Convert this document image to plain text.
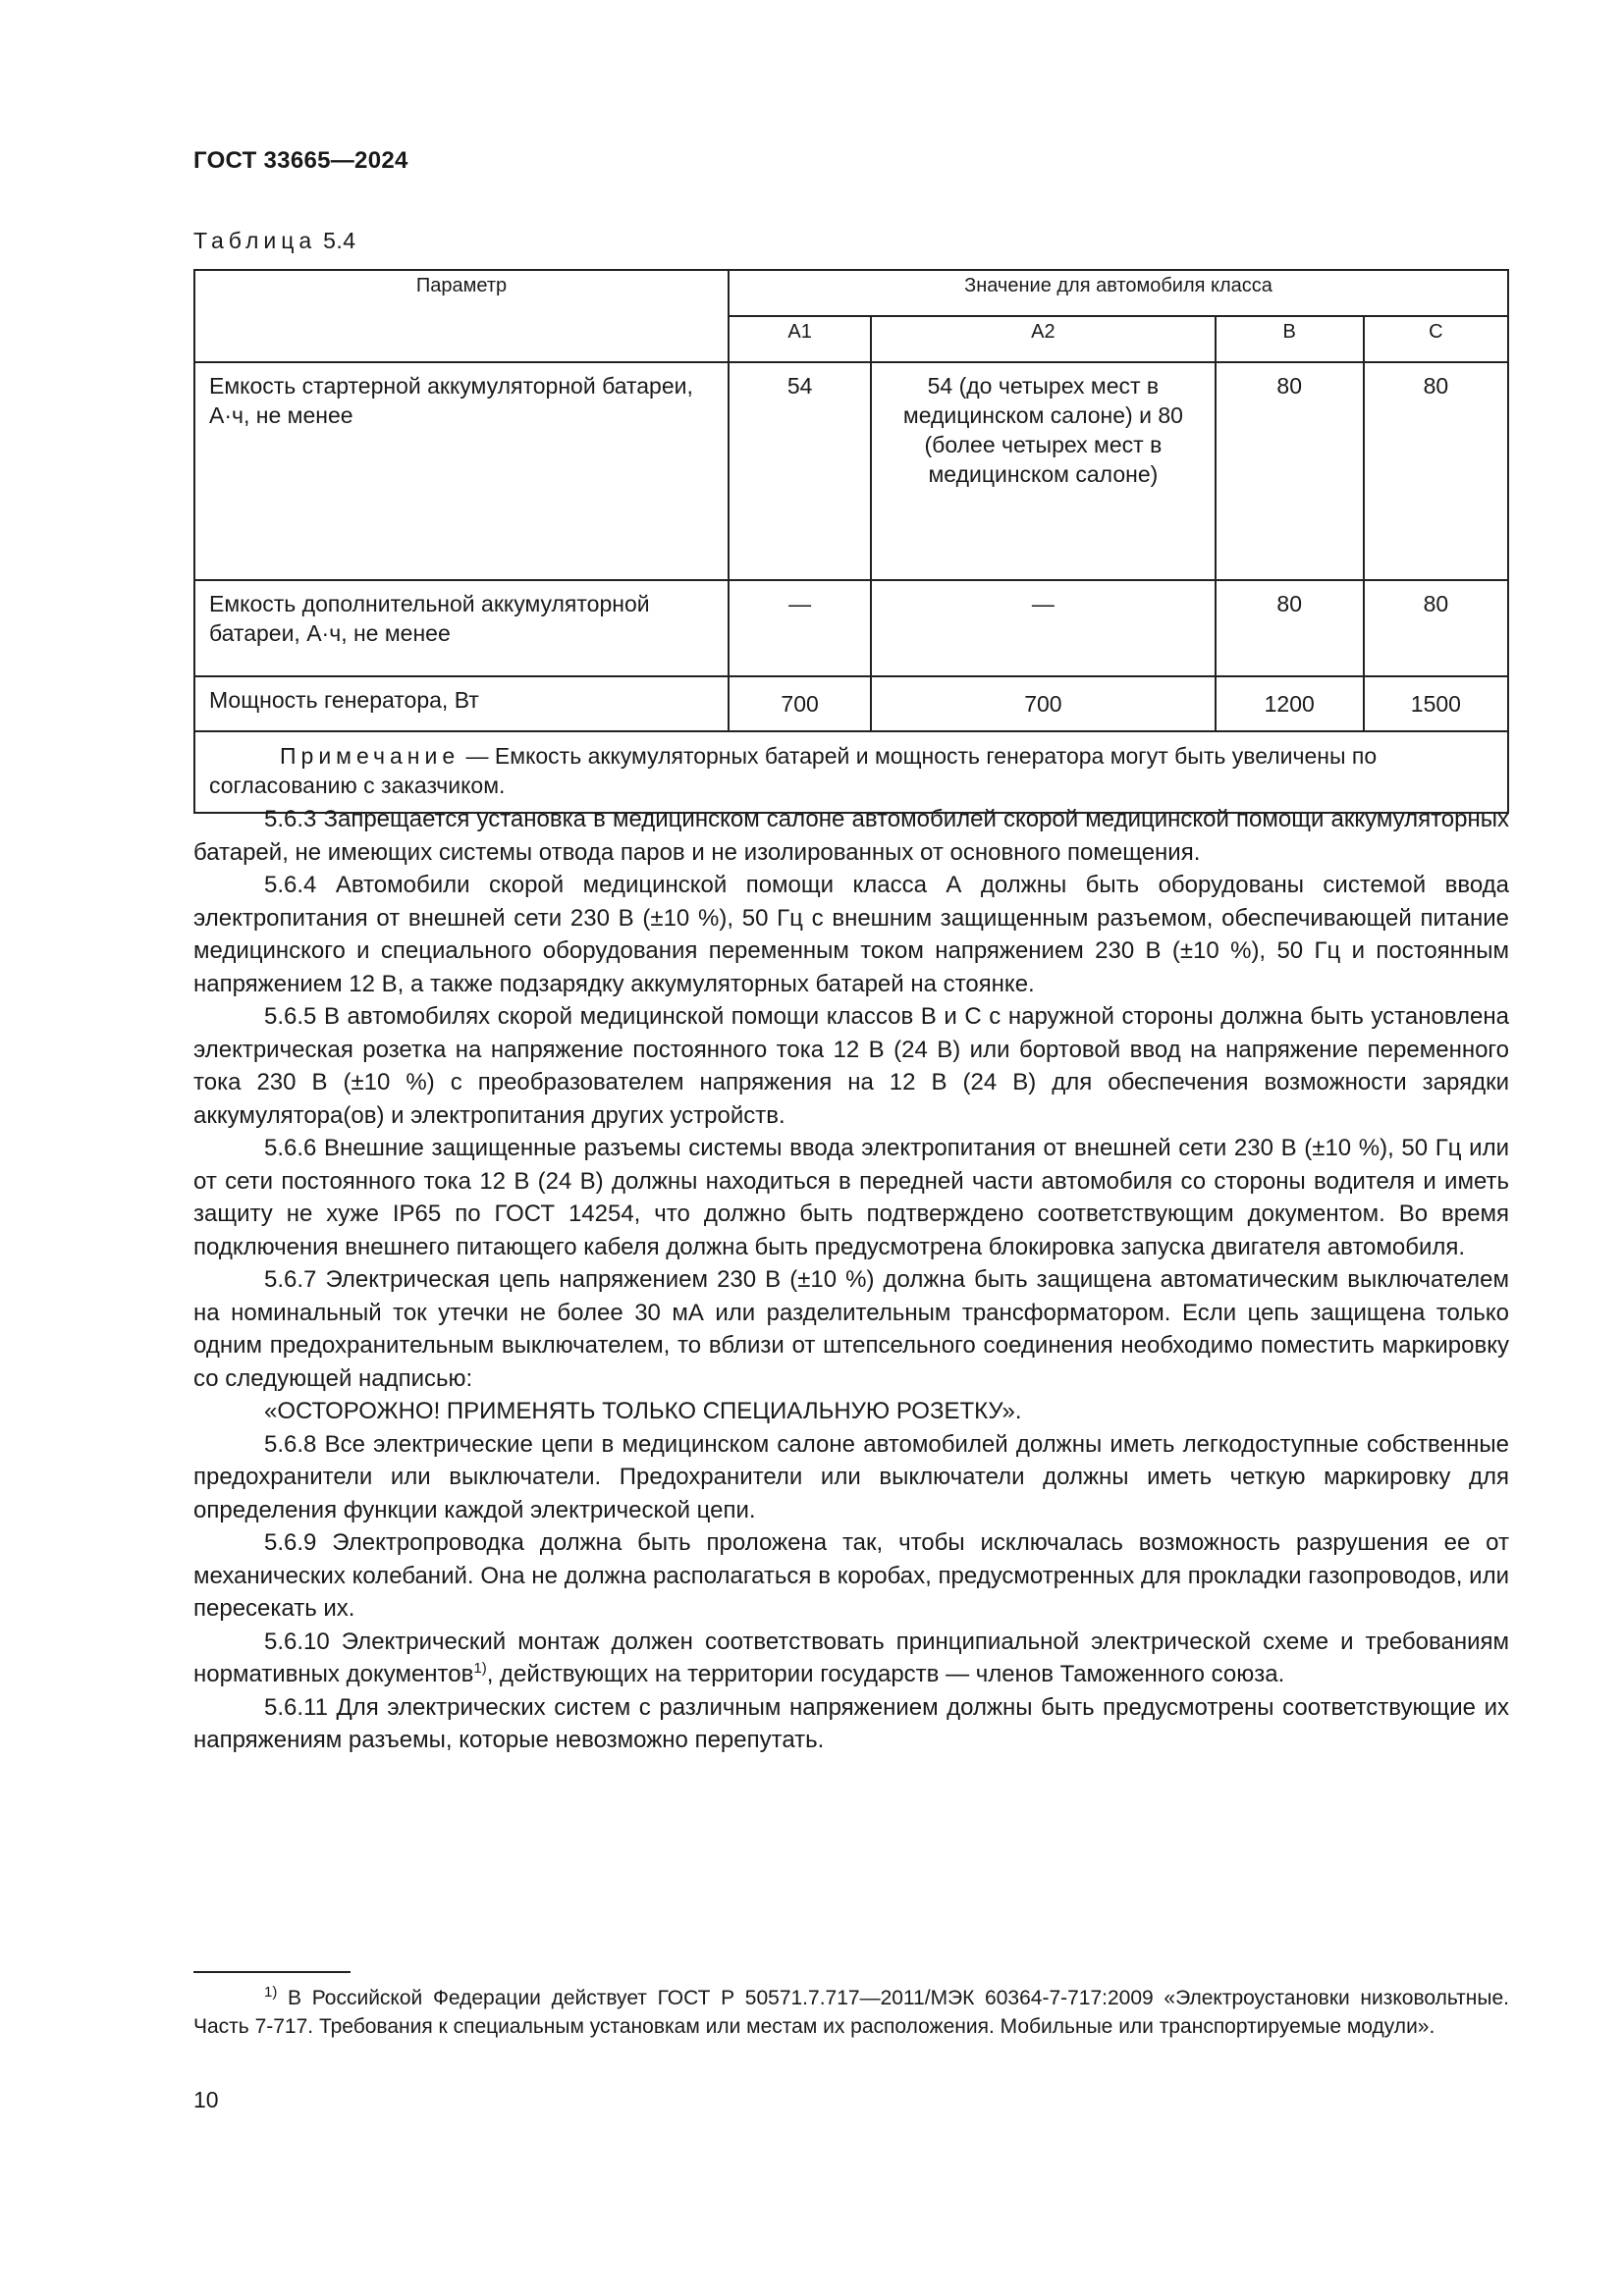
ГОСТ 33665—2024
Таблица 5.4
Параметр	Значение для автомобиля класса			
	А1	А2	В	С
Емкость стартерной аккумуляторной батареи, А·ч, не менее	54	54 (до четырех мест в медицинском салоне) и 80 (более четырех мест в медицинском салоне)	80	80
Емкость дополнительной аккумуляторной батареи, А·ч, не менее	—	—	80	80
Мощность генератора, Вт	700	700	1200	1500
Примечание — Емкость аккумуляторных батарей и мощность генератора могут быть увеличены по согласованию с заказчиком.				

5.6.3 Запрещается установка в медицинском салоне автомобилей скорой медицинской помощи аккумуляторных батарей, не имеющих системы отвода паров и не изолированных от основного помещения.

5.6.4 Автомобили скорой медицинской помощи класса А должны быть оборудованы системой ввода электропитания от внешней сети 230 В (±10 %), 50 Гц с внешним защищенным разъемом, обеспечивающей питание медицинского и специального оборудования переменным током напряжением 230 В (±10 %), 50 Гц и постоянным напряжением 12 В, а также подзарядку аккумуляторных батарей на стоянке.

5.6.5 В автомобилях скорой медицинской помощи классов В и С с наружной стороны должна быть установлена электрическая розетка на напряжение постоянного тока 12 В (24 В) или бортовой ввод на напряжение переменного тока 230 В (±10 %) с преобразователем напряжения на 12 В (24 В) для обеспечения возможности зарядки аккумулятора(ов) и электропитания других устройств.

5.6.6 Внешние защищенные разъемы системы ввода электропитания от внешней сети 230 В (±10 %), 50 Гц или от сети постоянного тока 12 В (24 В) должны находиться в передней части автомобиля со стороны водителя и иметь защиту не хуже IP65 по ГОСТ 14254, что должно быть подтверждено соответствующим документом. Во время подключения внешнего питающего кабеля должна быть предусмотрена блокировка запуска двигателя автомобиля.

5.6.7 Электрическая цепь напряжением 230 В (±10 %) должна быть защищена автоматическим выключателем на номинальный ток утечки не более 30 мА или разделительным трансформатором. Если цепь защищена только одним предохранительным выключателем, то вблизи от штепсельного соединения необходимо поместить маркировку со следующей надписью:

«ОСТОРОЖНО! ПРИМЕНЯТЬ ТОЛЬКО СПЕЦИАЛЬНУЮ РОЗЕТКУ».

5.6.8 Все электрические цепи в медицинском салоне автомобилей должны иметь легкодоступные собственные предохранители или выключатели. Предохранители или выключатели должны иметь четкую маркировку для определения функции каждой электрической цепи.

5.6.9 Электропроводка должна быть проложена так, чтобы исключалась возможность разрушения ее от механических колебаний. Она не должна располагаться в коробах, предусмотренных для прокладки газопроводов, или пересекать их.

5.6.10 Электрический монтаж должен соответствовать принципиальной электрической схеме и требованиям нормативных документов$^{1)}$, действующих на территории государств — членов Таможенного союза.

5.6.11 Для электрических систем с различным напряжением должны быть предусмотрены соответствующие их напряжениям разъемы, которые невозможно перепутать.

$^{1)}$ В Российской Федерации действует ГОСТ Р 50571.7.717—2011/МЭК 60364-7-717:2009 «Электроустановки низковольтные. Часть 7-717. Требования к специальным установкам или местам их расположения. Мобильные или транспортируемые модули».

10
